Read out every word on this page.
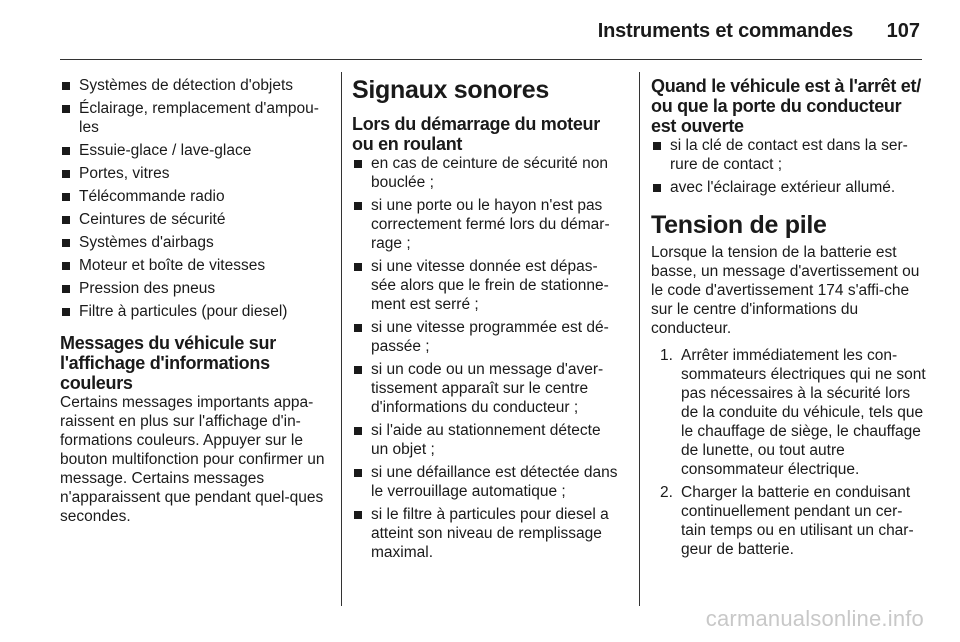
Instruments et commandes 107
Systèmes de détection d'objets
Éclairage, remplacement d'ampou-les
Essuie-glace / lave-glace
Portes, vitres
Télécommande radio
Ceintures de sécurité
Systèmes d'airbags
Moteur et boîte de vitesses
Pression des pneus
Filtre à particules (pour diesel)
Messages du véhicule sur l'affichage d'informations couleurs

Certains messages importants appa-raissent en plus sur l'affichage d'in-formations couleurs. Appuyer sur le bouton multifonction pour confirmer un message. Certains messages n'apparaissent que pendant quel-ques secondes.

Signaux sonores
Lors du démarrage du moteur ou en roulant
en cas de ceinture de sécurité non bouclée ;
si une porte ou le hayon n'est pas correctement fermé lors du démar-rage ;
si une vitesse donnée est dépas-sée alors que le frein de stationne-ment est serré ;
si une vitesse programmée est dé-passée ;
si un code ou un message d'aver-tissement apparaît sur le centre d'informations du conducteur ;
si l'aide au stationnement détecte un objet ;
si une défaillance est détectée dans le verrouillage automatique ;
si le filtre à particules pour diesel a atteint son niveau de remplissage maximal.
Quand le véhicule est à l'arrêt et/ ou que la porte du conducteur est ouverte
si la clé de contact est dans la ser-rure de contact ;
avec l'éclairage extérieur allumé.
Tension de pile

Lorsque la tension de la batterie est basse, un message d'avertissement ou le code d'avertissement 174 s'affi-che sur le centre d'informations du conducteur.

1. Arrêter immédiatement les con-sommateurs électriques qui ne sont pas nécessaires à la sécurité lors de la conduite du véhicule, tels que le chauffage de siège, le chauffage de lunette, ou tout autre consommateur électrique.
2. Charger la batterie en conduisant continuellement pendant un cer-tain temps ou en utilisant un char-geur de batterie.
carmanualsonline.info
